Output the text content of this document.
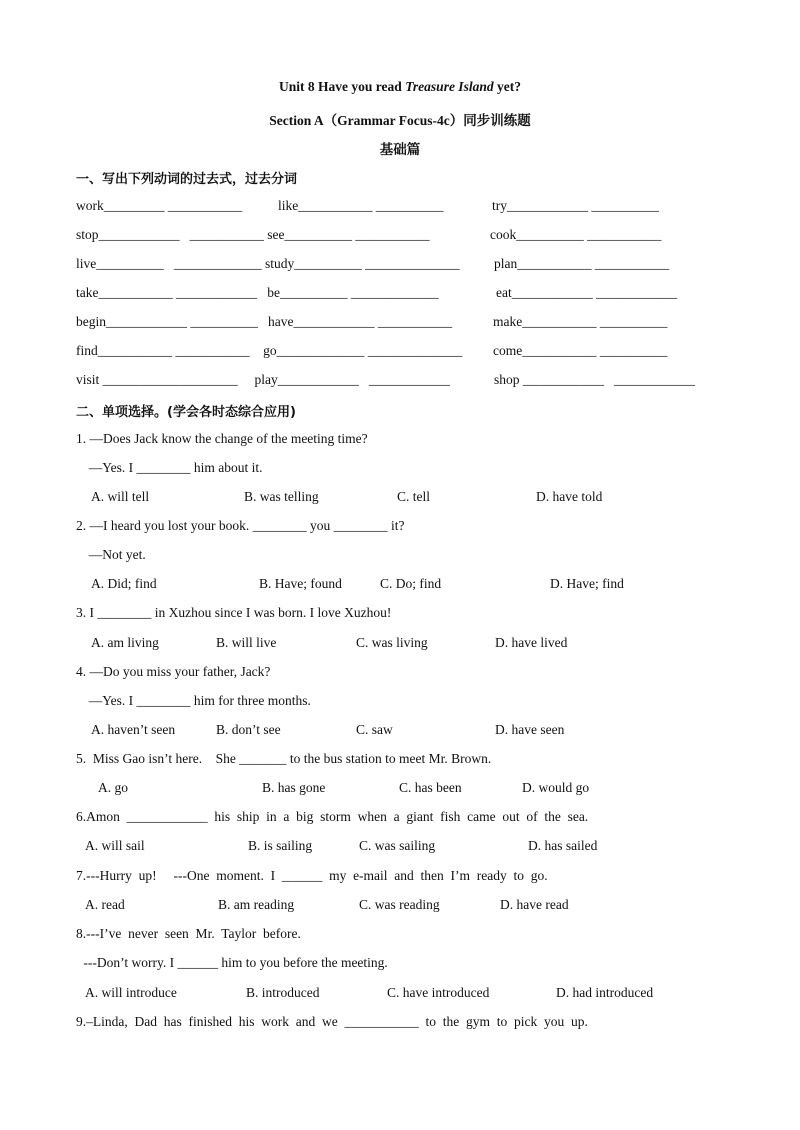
Unit 8 Have you read Treasure Island yet?
Section A（Grammar Focus-4c）同步训练题
基础篇
一、写出下列动词的过去式，过去分词
work_________ ___________	like___________ __________	try____________ __________
stop____________   ___________ see__________ ___________	cook__________ ___________
live__________   _____________ study__________ ______________	plan___________ ___________
take___________ ____________   be__________ _____________	eat____________ ____________
begin____________ __________   have____________ ___________	make___________ __________
find___________ ___________    go_____________ ______________ come___________ __________
visit ____________________     play____________   ____________	shop ____________   ____________
二、单项选择。(学会各时态综合应用)
1. —Does Jack know the change of the meeting time?
—Yes. I ________ him about it.
A. will tell	B. was telling	C. tell	D. have told
2. —I heard you lost your book. ________ you ________ it?
—Not yet.
A. Did; find	B. Have; found	C. Do; find	D. Have; find
3. I ________ in Xuzhou since I was born. I love Xuzhou!
A. am living	B. will live	C. was living	D. have lived
4. —Do you miss your father, Jack?
—Yes. I ________ him for three months.
A. haven’t seen	B. don’t see	C. saw	D. have seen
5.  Miss Gao isn’t here.    She _______ to the bus station to meet Mr. Brown.
A. go	B. has gone	C. has been	D. would go
6.Amon  ____________  his  ship  in  a  big  storm  when  a  giant  fish  came  out  of  the  sea.
A. will sail	B. is sailing	C. was sailing	D. has sailed
7.---Hurry  up!     ---One  moment.  I  ______  my  e-mail  and  then  I’m  ready  to  go.
A. read	B. am reading	C. was reading	D. have read
8.---I’ve  never  seen  Mr.  Taylor  before.
---Don’t worry. I ______ him to you before the meeting.
A. will introduce	B. introduced	C. have introduced	D. had introduced
9.–Linda,  Dad  has  finished  his  work  and  we  ___________  to  the  gym  to  pick  you  up.
